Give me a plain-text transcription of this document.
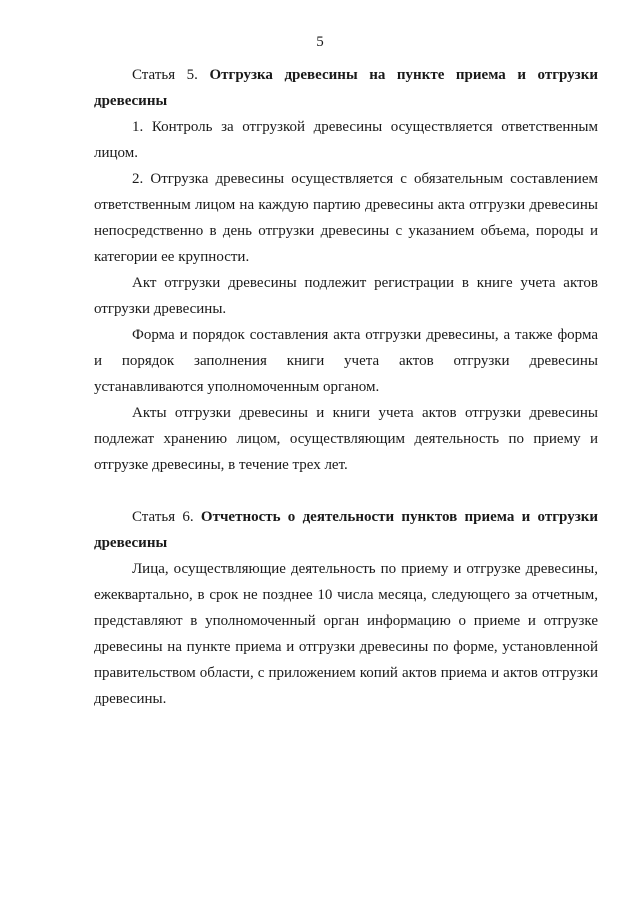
5

Статья 5. Отгрузка древесины на пункте приема и отгрузки древесины

1. Контроль за отгрузкой древесины осуществляется ответственным лицом.

2. Отгрузка древесины осуществляется с обязательным составлением ответственным лицом на каждую партию древесины акта отгрузки древесины непосредственно в день отгрузки древесины с указанием объема, породы и категории ее крупности.

Акт отгрузки древесины подлежит регистрации в книге учета актов отгрузки древесины.

Форма и порядок составления акта отгрузки древесины, а также форма и порядок заполнения книги учета актов отгрузки древесины устанавливаются уполномоченным органом.

Акты отгрузки древесины и книги учета актов отгрузки древесины подлежат хранению лицом, осуществляющим деятельность по приему и отгрузке древесины, в течение трех лет.

Статья 6. Отчетность о деятельности пунктов приема и отгрузки древесины

Лица, осуществляющие деятельность по приему и отгрузке древесины, ежеквартально, в срок не позднее 10 числа месяца, следующего за отчетным, представляют в уполномоченный орган информацию о приеме и отгрузке древесины на пункте приема и отгрузки древесины по форме, установленной правительством области, с приложением копий актов приема и актов отгрузки древесины.
